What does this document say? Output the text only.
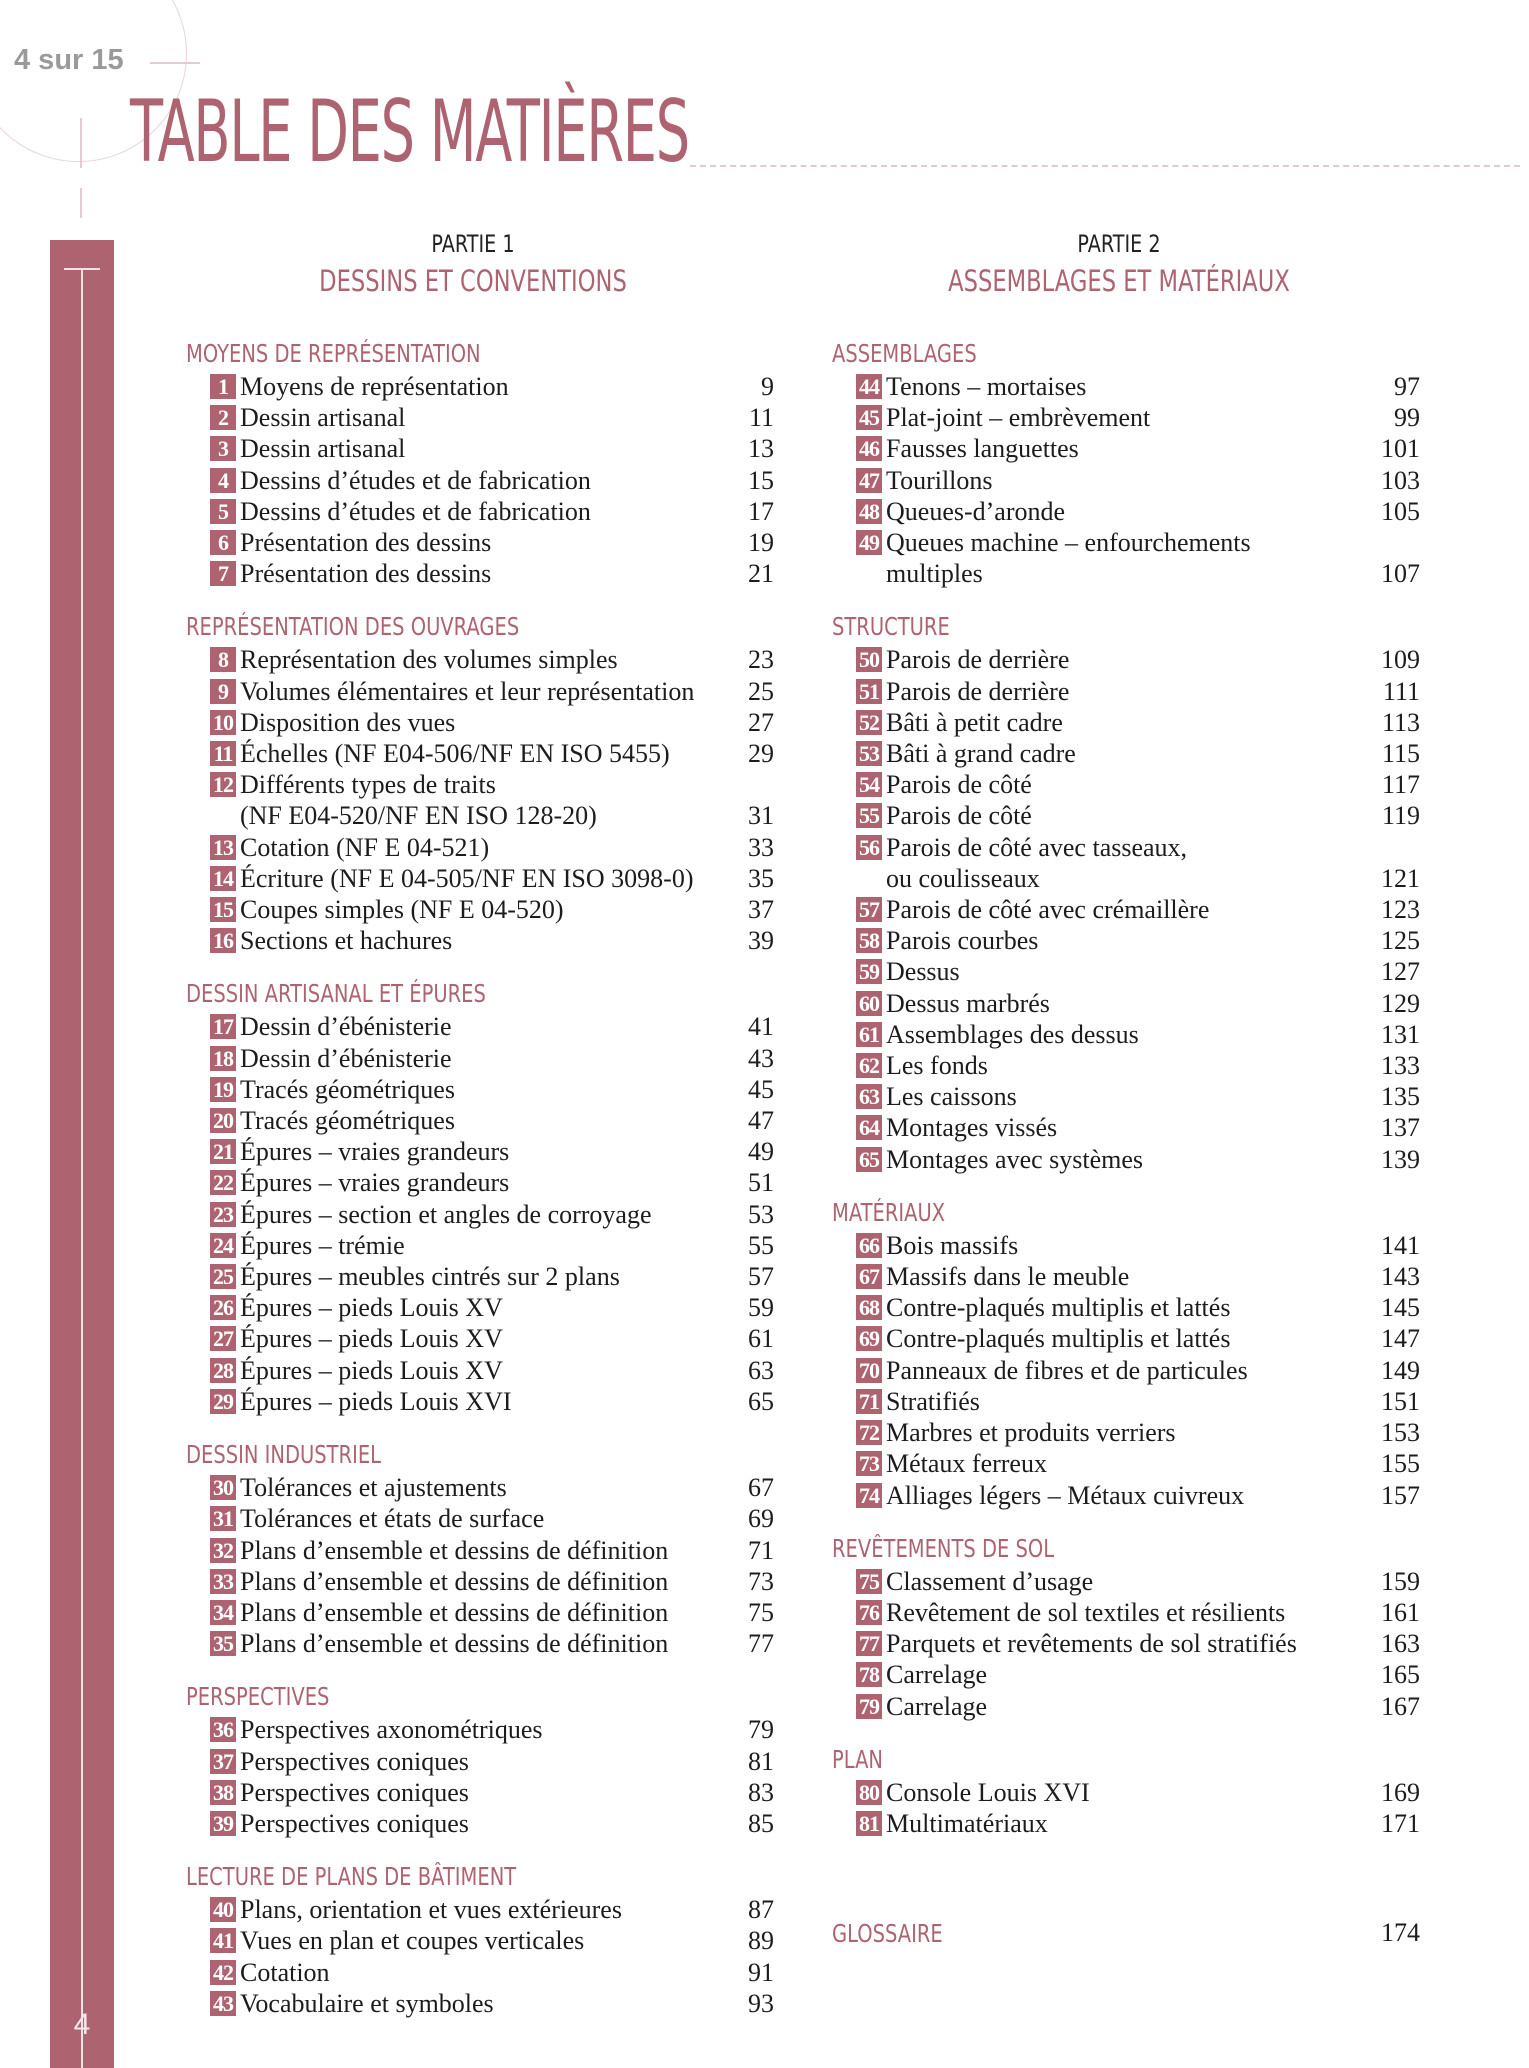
4 sur 15
TABLE DES MATIÈRES
4
PARTIE 1
DESSINS ET CONVENTIONS
PARTIE 2
ASSEMBLAGES ET MATÉRIAUX
MOYENS DE REPRÉSENTATION
1 Moyens de représentation	9
2 Dessin artisanal	11
3 Dessin artisanal	13
4 Dessins d’études et de fabrication	15
5 Dessins d’études et de fabrication	17
6 Présentation des dessins	19
7 Présentation des dessins	21
REPRÉSENTATION DES OUVRAGES
8 Représentation des volumes simples	23
9 Volumes élémentaires et leur représentation	25
10 Disposition des vues	27
11 Échelles (NF E04-506/NF EN ISO 5455)	29
12 Différents types de traits
(NF E04-520/NF EN ISO 128-20)	31
13 Cotation (NF E 04-521)	33
14 Écriture (NF E 04-505/NF EN ISO 3098-0)	35
15 Coupes simples (NF E 04-520)	37
16 Sections et hachures	39
DESSIN ARTISANAL ET ÉPURES
17 Dessin d’ébénisterie	41
18 Dessin d’ébénisterie	43
19 Tracés géométriques	45
20 Tracés géométriques	47
21 Épures – vraies grandeurs	49
22 Épures – vraies grandeurs	51
23 Épures – section et angles de corroyage	53
24 Épures – trémie	55
25 Épures – meubles cintrés sur 2 plans	57
26 Épures – pieds Louis XV	59
27 Épures – pieds Louis XV	61
28 Épures – pieds Louis XV	63
29 Épures – pieds Louis XVI	65
DESSIN INDUSTRIEL
30 Tolérances et ajustements	67
31 Tolérances et états de surface	69
32 Plans d’ensemble et dessins de définition	71
33 Plans d’ensemble et dessins de définition	73
34 Plans d’ensemble et dessins de définition	75
35 Plans d’ensemble et dessins de définition	77
PERSPECTIVES
36 Perspectives axonométriques	79
37 Perspectives coniques	81
38 Perspectives coniques	83
39 Perspectives coniques	85
LECTURE DE PLANS DE BÂTIMENT
40 Plans, orientation et vues extérieures	87
41 Vues en plan et coupes verticales	89
42 Cotation	91
43 Vocabulaire et symboles	93
ASSEMBLAGES
44 Tenons – mortaises	97
45 Plat-joint – embrèvement	99
46 Fausses languettes	101
47 Tourillons	103
48 Queues-d’aronde	105
49 Queues machine – enfourchements
multiples	107
STRUCTURE
50 Parois de derrière	109
51 Parois de derrière	111
52 Bâti à petit cadre	113
53 Bâti à grand cadre	115
54 Parois de côté	117
55 Parois de côté	119
56 Parois de côté avec tasseaux,
ou coulisseaux	121
57 Parois de côté avec crémaillère	123
58 Parois courbes	125
59 Dessus	127
60 Dessus marbrés	129
61 Assemblages des dessus	131
62 Les fonds	133
63 Les caissons	135
64 Montages vissés	137
65 Montages avec systèmes	139
MATÉRIAUX
66 Bois massifs	141
67 Massifs dans le meuble	143
68 Contre-plaqués multiplis et lattés	145
69 Contre-plaqués multiplis et lattés	147
70 Panneaux de fibres et de particules	149
71 Stratifiés	151
72 Marbres et produits verriers	153
73 Métaux ferreux	155
74 Alliages légers – Métaux cuivreux	157
REVÊTEMENTS DE SOL
75 Classement d’usage	159
76 Revêtement de sol textiles et résilients	161
77 Parquets et revêtements de sol stratifiés	163
78 Carrelage	165
79 Carrelage	167
PLAN
80 Console Louis XVI	169
81 Multimatériaux	171
GLOSSAIRE	174
